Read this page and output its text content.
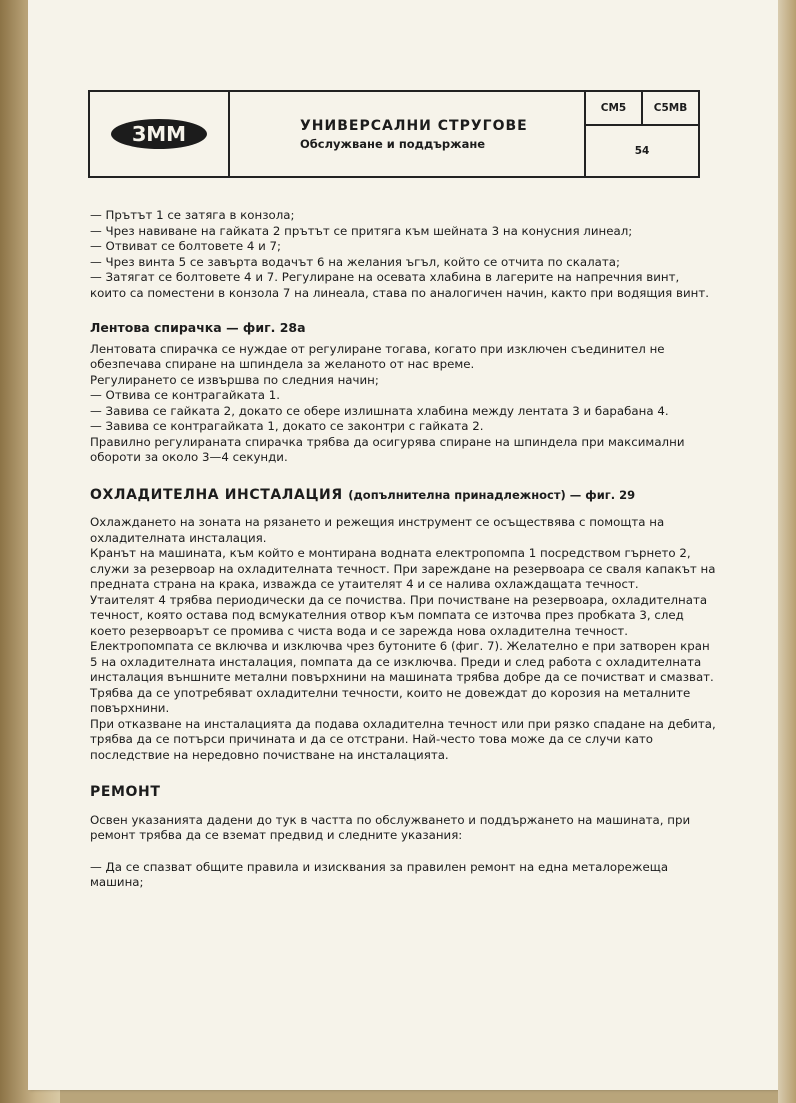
ЗММ	УНИВЕРСАЛНИ СТРУГОВЕ
Обслужване и поддържане
CM5	C5MB
54

— Прътът 1 се затяга в конзола;

— Чрез навиване на гайката 2 прътът се притяга към шейната 3 на конусния линеал;

— Отвиват се болтовете 4 и 7;

— Чрез винта 5 се завърта водачът 6 на желания ъгъл, който се отчита по скалата;

— Затягат се болтовете 4 и 7. Регулиране на осевата хлабина в лагерите на напречния винт, които са поместени в конзола 7 на линеала, става по аналогичен начин, както при водящия винт.

Лентова спирачка — фиг. 28а

Лентовата спирачка се нуждае от регулиране тогава, когато при изключен съединител не обезпечава спиране на шпиндела за желаното от нас време.

Регулирането се извършва по следния начин;

— Отвива се контрагайката 1.

— Завива се гайката 2, докато се обере излишната хлабина между лентата 3 и барабана 4.

— Завива се контрагайката 1, докато се законтри с гайката 2.

Правилно регулираната спирачка трябва да осигурява спиране на шпиндела при максимални обороти за около 3—4 секунди.

ОХЛАДИТЕЛНА ИНСТАЛАЦИЯ (допълнителна принадлежност) — фиг. 29

Охлаждането на зоната на рязането и режещия инструмент се осъществява с помощта на охладителната инсталация.

Кранът на машината, към който е монтирана водната електропомпа 1 посредством гърнето 2, служи за резервоар на охладителната течност. При зареждане на резервоара се сваля капакът на предната страна на крака, изважда се утаителят 4 и се налива охлаждащата течност.

Утаителят 4 трябва периодически да се почиства. При почистване на резервоара, охладителната течност, която остава под всмукателния отвор към помпата се източва през пробката 3, след което резервоарът се промива с чиста вода и се зарежда нова охладителна течност.

Електропомпата се включва и изключва чрез бутоните 6 (фиг. 7). Желателно е при затворен кран 5 на охладителната инсталация, помпата да се изключва. Преди и след работа с охладителната инсталация външните метални повърхнини на машината трябва добре да се почистват и смазват. Трябва да се употребяват охладителни течности, които не довеждат до корозия на металните повърхнини.

При отказване на инсталацията да подава охладителна течност или при рязко спадане на дебита, трябва да се потърси причината и да се отстрани. Най-често това може да се случи като последствие на нередовно почистване на инсталацията.

РЕМОНТ

Освен указанията дадени до тук в частта по обслужването и поддържането на машината, при ремонт трябва да се вземат предвид и следните указания:

— Да се спазват общите правила и изисквания за правилен ремонт на една металорежеща машина;
